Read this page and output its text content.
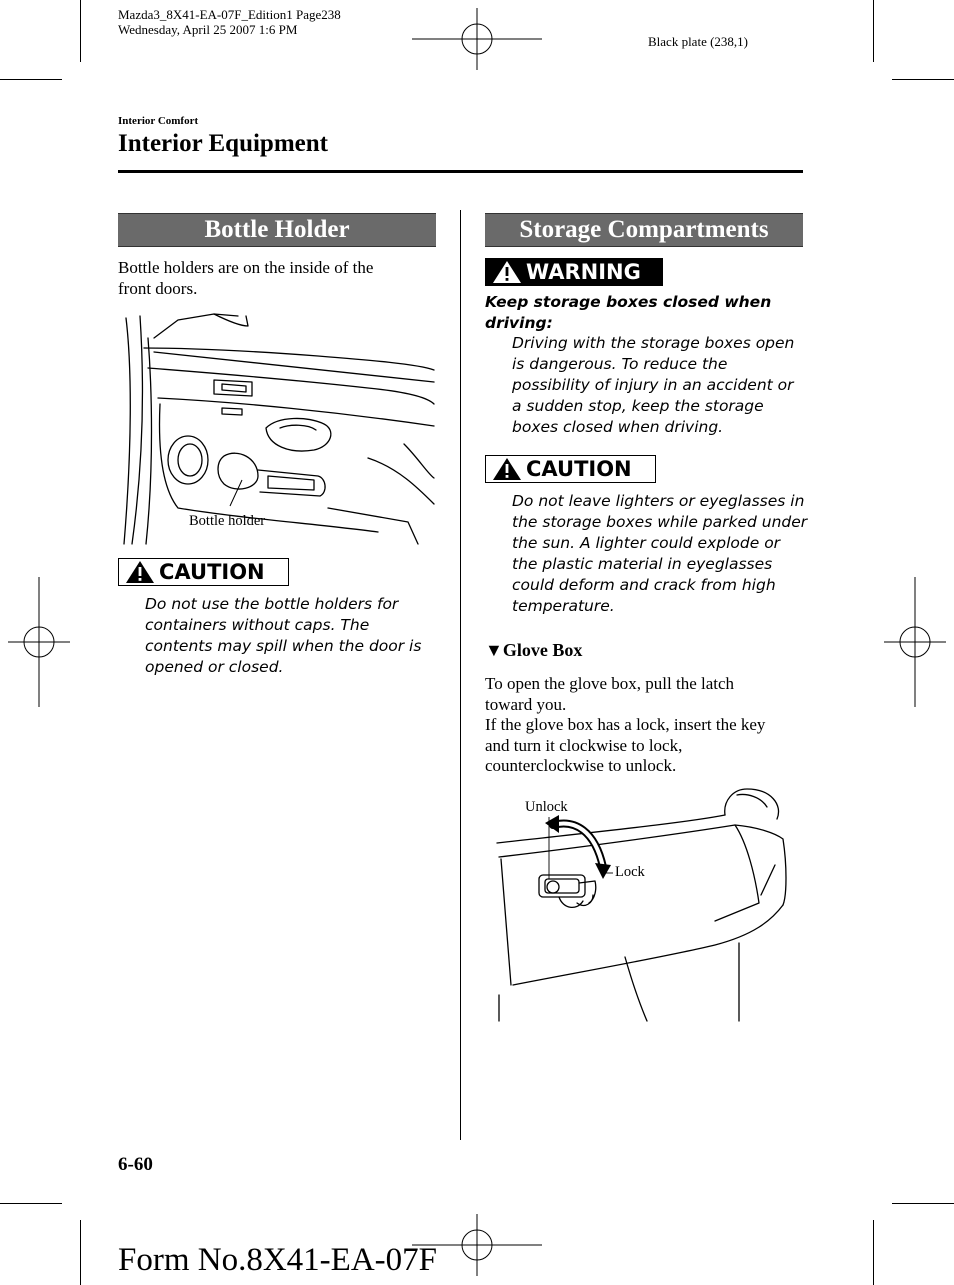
Mazda3_8X41-EA-07F_Edition1 Page238
Wednesday, April 25 2007 1:6 PM
Black plate (238,1)
Interior Comfort
Interior Equipment
Bottle Holder
Bottle holders are on the inside of the
front doors.
Bottle holder
CAUTION
Do not use the bottle holders for
containers without caps. The
contents may spill when the door is
opened or closed.
Storage Compartments
WARNING
Keep storage boxes closed when
driving:
Driving with the storage boxes open
is dangerous. To reduce the
possibility of injury in an accident or
a sudden stop, keep the storage
boxes closed when driving.
CAUTION
Do not leave lighters or eyeglasses in
the storage boxes while parked under
the sun. A lighter could explode or
the plastic material in eyeglasses
could deform and crack from high
temperature.
▼Glove Box
To open the glove box, pull the latch
toward you.
If the glove box has a lock, insert the key
and turn it clockwise to lock,
counterclockwise to unlock.
Unlock
Lock
6-60
Form No.8X41-EA-07F
